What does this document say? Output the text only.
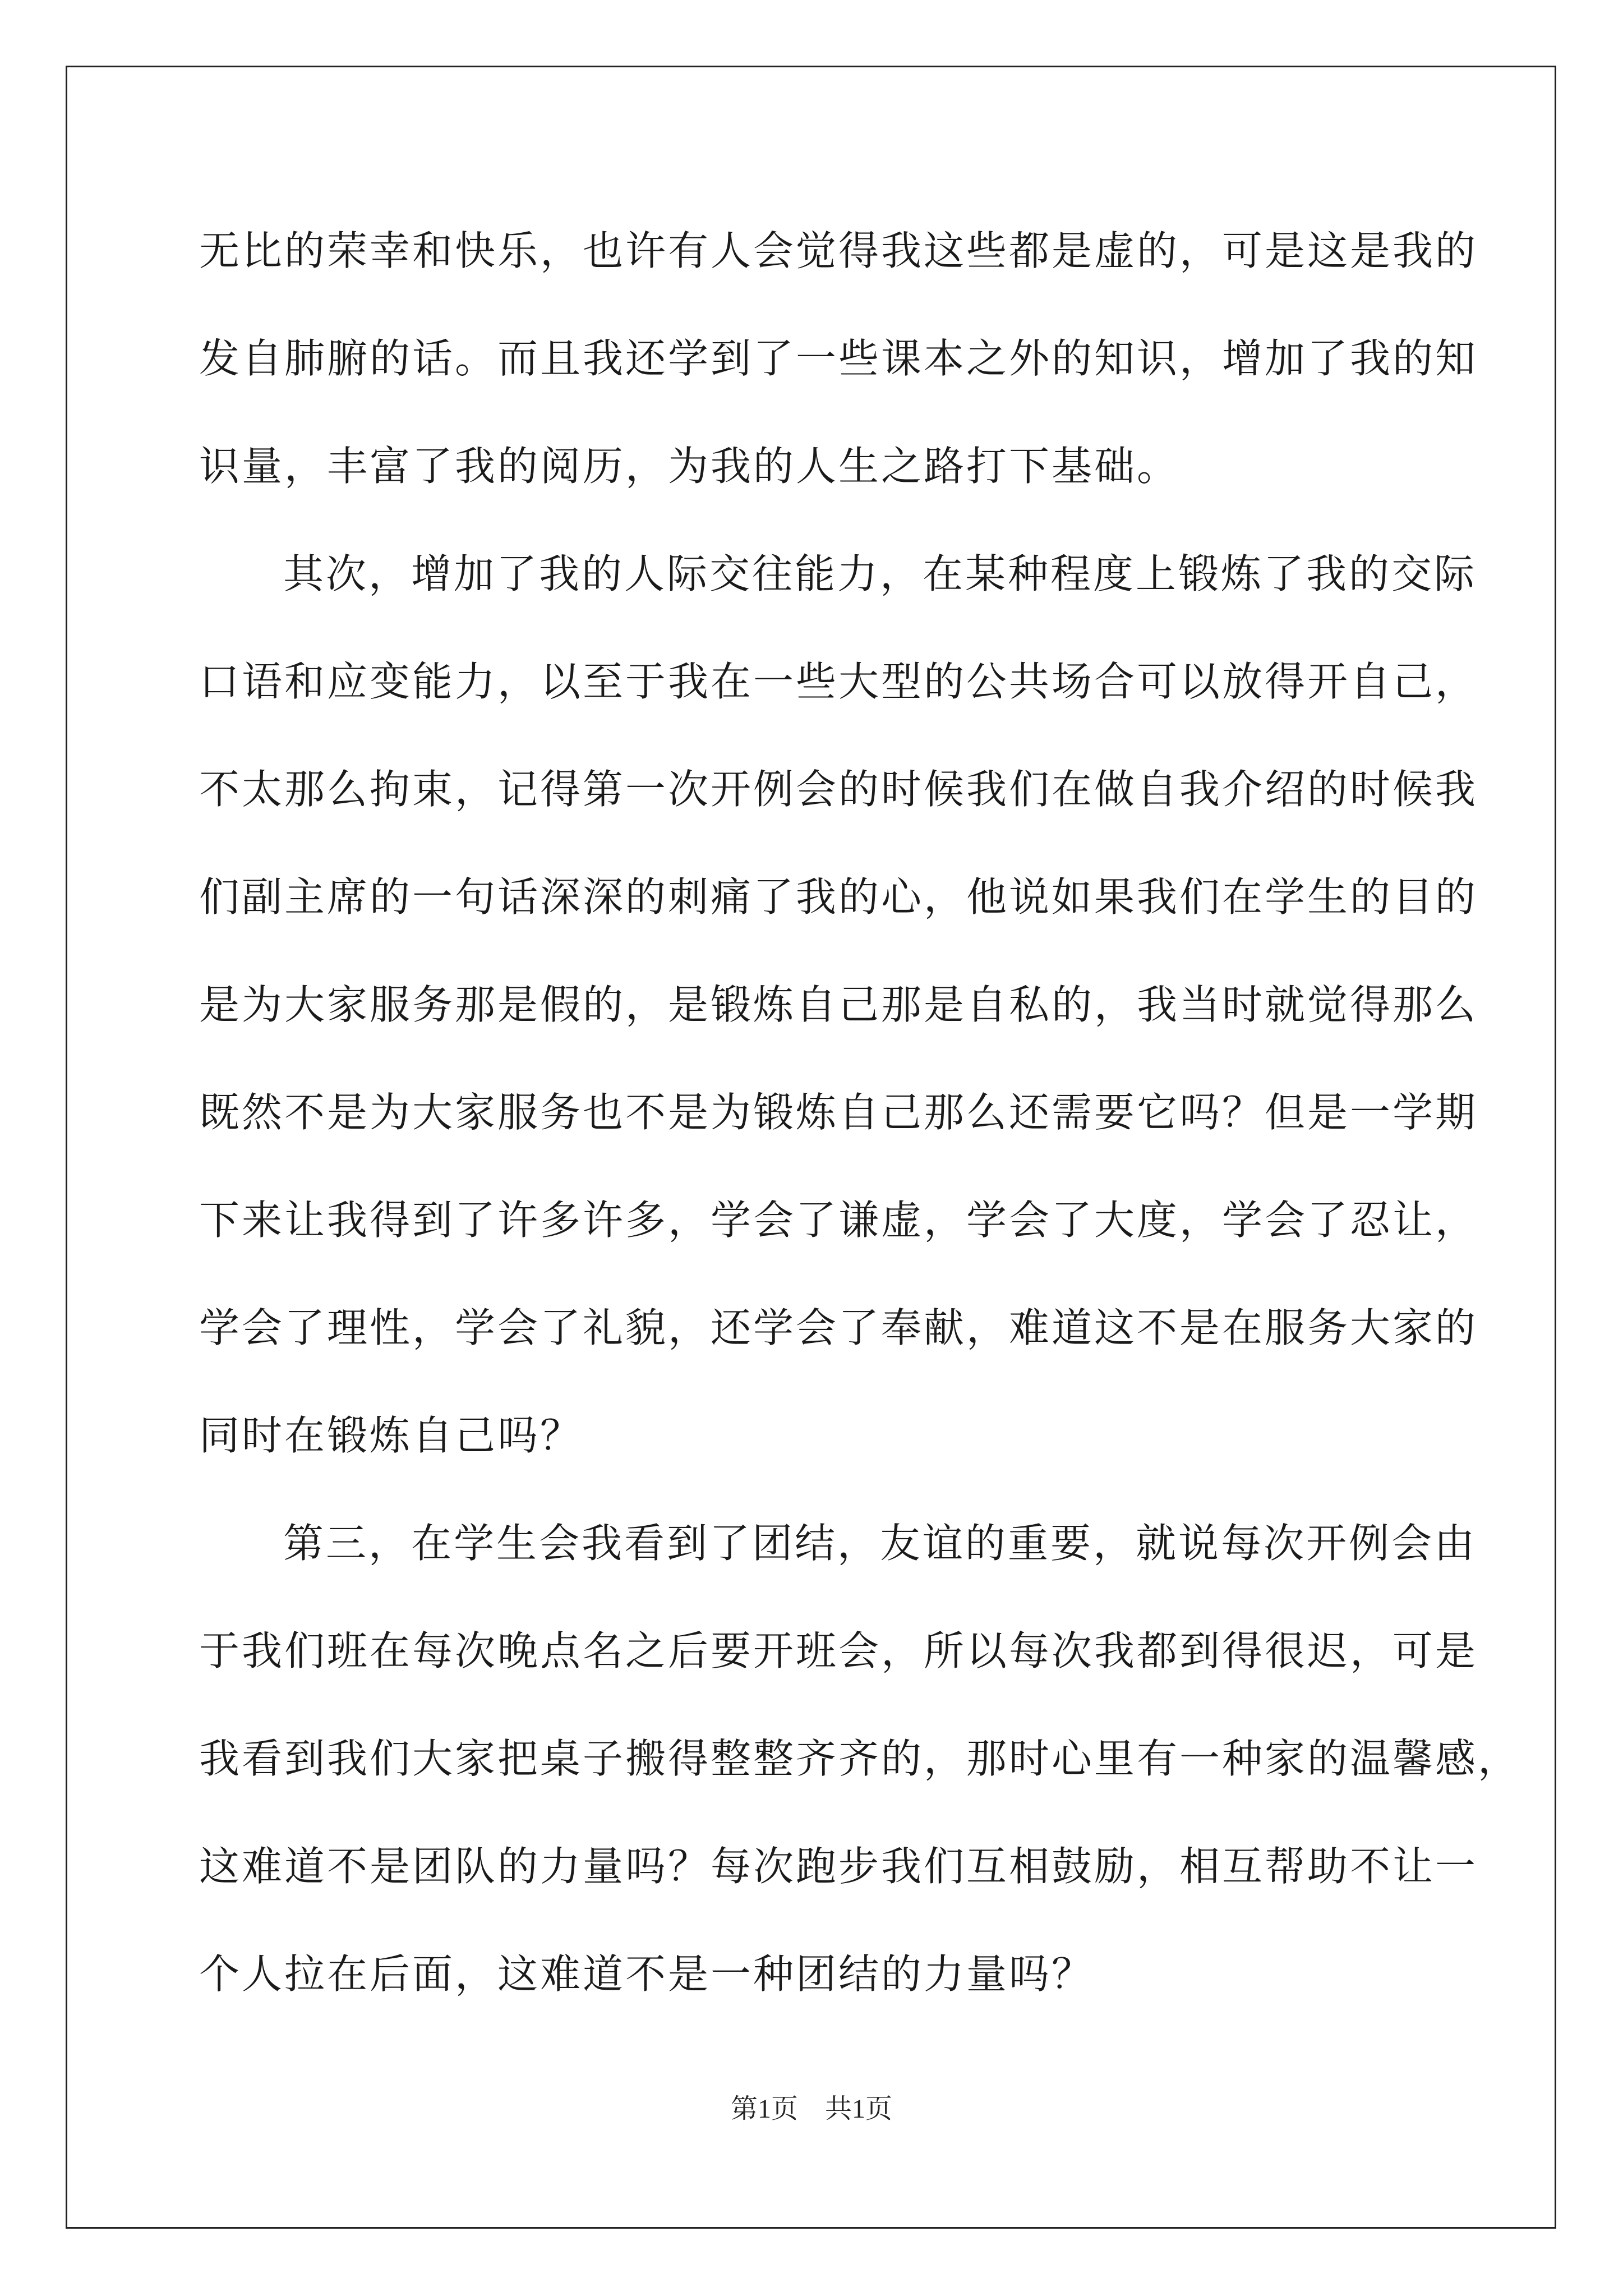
无比的荣幸和快乐，也许有人会觉得我这些都是虚的，可是这是我的
发自肺腑的话。而且我还学到了一些课本之外的知识，增加了我的知
识量，丰富了我的阅历，为我的人生之路打下基础。
其次，增加了我的人际交往能力，在某种程度上锻炼了我的交际
口语和应变能力，以至于我在一些大型的公共场合可以放得开自己，
不太那么拘束，记得第一次开例会的时候我们在做自我介绍的时候我
们副主席的一句话深深的刺痛了我的心，他说如果我们在学生的目的
是为大家服务那是假的，是锻炼自己那是自私的，我当时就觉得那么
既然不是为大家服务也不是为锻炼自己那么还需要它吗？但是一学期
下来让我得到了许多许多，学会了谦虚，学会了大度，学会了忍让，
学会了理性，学会了礼貌，还学会了奉献，难道这不是在服务大家的
同时在锻炼自己吗？
第三，在学生会我看到了团结，友谊的重要，就说每次开例会由
于我们班在每次晚点名之后要开班会，所以每次我都到得很迟，可是
我看到我们大家把桌子搬得整整齐齐的，那时心里有一种家的温馨感，
这难道不是团队的力量吗？每次跑步我们互相鼓励，相互帮助不让一
个人拉在后面，这难道不是一种团结的力量吗？
第1页 共1页
